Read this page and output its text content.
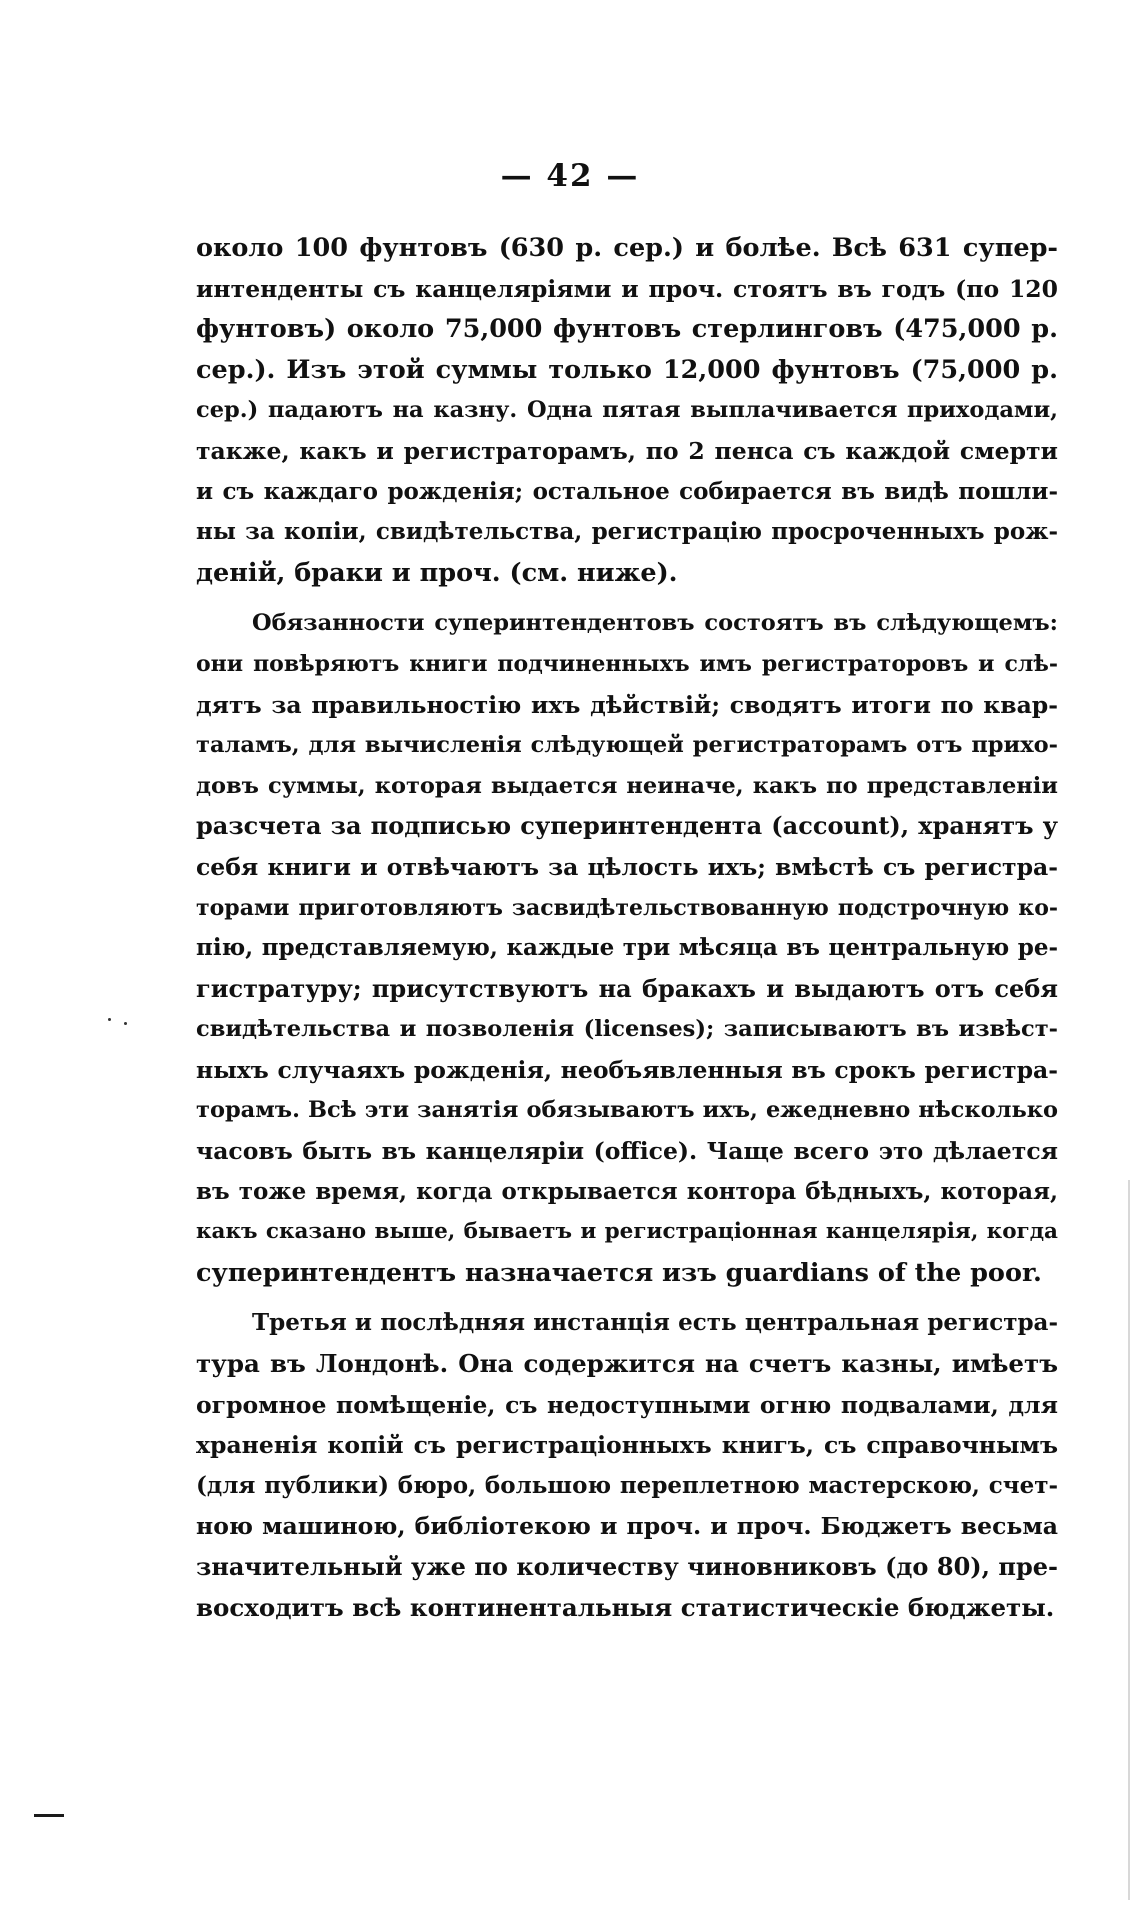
— 42 —
около 100 фунтовъ (630 р. сер.) и болѣе. Всѣ 631 супер-
интенденты съ канцеляріями и проч. стоятъ въ годъ (по 120
фунтовъ) около 75,000 фунтовъ стерлинговъ (475,000 р.
сер.). Изъ этой суммы только 12,000 фунтовъ (75,000 р.
сер.) падаютъ на казну. Одна пятая выплачивается приходами,
также, какъ и регистраторамъ, по 2 пенса съ каждой смерти
и съ каждаго рожденія; остальное собирается въ видѣ пошли-
ны за копіи, свидѣтельства, регистрацію просроченныхъ рож-
деній, браки и проч. (см. ниже).
Обязанности суперинтендентовъ состоятъ въ слѣдующемъ:
они повѣряютъ книги подчиненныхъ имъ регистраторовъ и слѣ-
дятъ за правильностію ихъ дѣйствій; сводятъ итоги по квар-
таламъ, для вычисленія слѣдующей регистраторамъ отъ прихо-
довъ суммы, которая выдается неиначе, какъ по представленіи
разсчета за подписью суперинтендента (account), хранятъ у
себя книги и отвѣчаютъ за цѣлость ихъ; вмѣстѣ съ регистра-
торами приготовляютъ засвидѣтельствованную подстрочную ко-
пію, представляемую, каждые три мѣсяца въ центральную ре-
гистратуру; присутствуютъ на бракахъ и выдаютъ отъ себя
свидѣтельства и позволенія (licenses); записываютъ въ извѣст-
ныхъ случаяхъ рожденія, необъявленныя въ срокъ регистра-
торамъ. Всѣ эти занятія обязываютъ ихъ, ежедневно нѣсколько
часовъ быть въ канцеляріи (office). Чаще всего это дѣлается
въ тоже время, когда открывается контора бѣдныхъ, которая,
какъ сказано выше, бываетъ и регистраціонная канцелярія, когда
суперинтендентъ назначается изъ guardians of the poor.
Третья и послѣдняя инстанція есть центральная регистра-
тура въ Лондонѣ. Она содержится на счетъ казны, имѣетъ
огромное помѣщеніе, съ недоступными огню подвалами, для
храненія копій съ регистраціонныхъ книгъ, съ справочнымъ
(для публики) бюро, большою переплетною мастерскою, счет-
ною машиною, библіотекою и проч. и проч. Бюджетъ весьма
значительный уже по количеству чиновниковъ (до 80), пре-
восходитъ всѣ континентальныя статистическіе бюджеты.
